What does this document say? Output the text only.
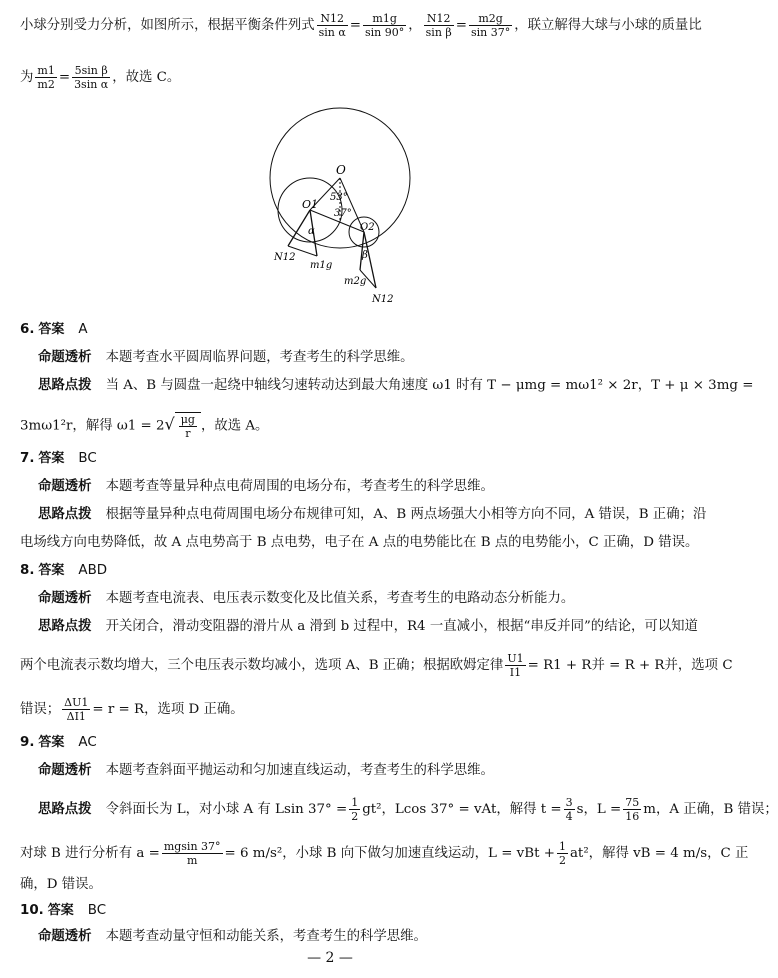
小球分别受力分析，如图所示，根据平衡条件列式 $\frac{N12}{\text{sin α}} = \frac{m1g}{\sin 90^\circ}$ ， $\frac{N12}{\text{sin β}} = \frac{m2g}{\sin 37^\circ}$ ，联立解得大球与小球的质量比
为 $\frac{m1}{m2} = \frac{\text{5sin β}}{\text{3sin α}}$ ，故选 C。
O
O1
O2
53°
37°
α
β
N12
m1g
m2g
N12
6. 答案 A
命题透析 本题考查水平圆周临界问题，考查考生的科学思维。
思路点拨 当 A、B 与圆盘一起绕中轴线匀速转动达到最大角速度 ω1 时有 T − μmg = mω1² × 2r，T + μ × 3mg =
3mω1²r，解得 $\omega 1 = 2√ \frac{\mu g}{r}$ ，故选 A。
7. 答案 BC
命题透析 本题考查等量异种点电荷周围的电场分布，考查考生的科学思维。
思路点拨 根据等量异种点电荷周围电场分布规律可知，A、B 两点场强大小相等方向不同，A 错误，B 正确；沿
电场线方向电势降低，故 A 点电势高于 B 点电势，电子在 A 点的电势能比在 B 点的电势能小，C 正确，D 错误。
8. 答案 ABD
命题透析 本题考查电流表、电压表示数变化及比值关系，考查考生的电路动态分析能力。
思路点拨 开关闭合，滑动变阻器的滑片从 a 滑到 b 过程中，R4 一直减小，根据“串反并同”的结论，可以知道
两个电流表示数均增大，三个电压表示数均减小，选项 A、B 正确；根据欧姆定律 $\frac{U1}{I1} = R1 + R$并 = R + R并，选项 C
错误； $\frac{\Delta U1}{\Delta I1} = r = R$，选项 D 正确。
9. 答案 AC
命题透析 本题考查斜面平抛运动和匀加速直线运动，考查考生的科学思维。
思路点拨 令斜面长为 L，对小球 A 有 Lsin $37^\circ = \frac{1}{2} gt^2$，Lcos 37° = vAt，解得 $t = \frac{3}{4}$ s，$L = \frac{75}{16}$ m，A 正确，B 错误；
对球 B 进行分析有 $a = \frac{mgsin 37^\circ}{m} = 6$ m/s²，小球 B 向下做匀加速直线运动，L = vBt + $\frac{1}{2} at^2$，解得 vB = 4 m/s，C 正
确，D 错误。
10. 答案 BC
命题透析 本题考查动量守恒和动能关系，考查考生的科学思维。
— 2 —
